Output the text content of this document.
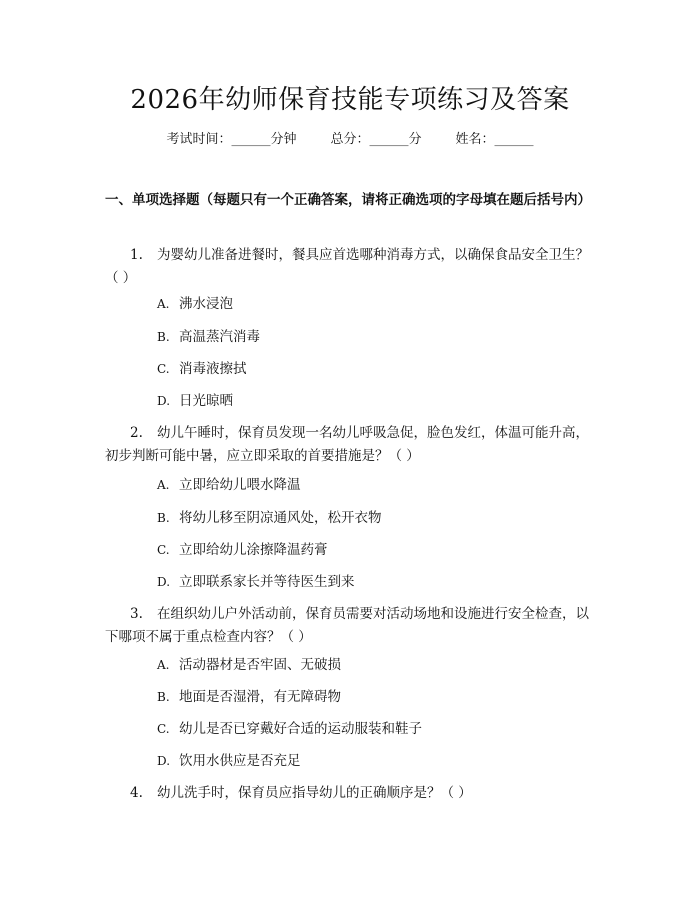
2026年幼师保育技能专项练习及答案
考试时间：______分钟	总分：______分	姓名：______

一、单项选择题（每题只有一个正确答案，请将正确选项的字母填在题后括号内）

1. 为婴幼儿准备进餐时，餐具应首选哪种消毒方式，以确保食品安全卫生？（ ）

A. 沸水浸泡
B. 高温蒸汽消毒
C. 消毒液擦拭
D. 日光晾晒

2. 幼儿午睡时，保育员发现一名幼儿呼吸急促，脸色发红，体温可能升高，初步判断可能中暑，应立即采取的首要措施是？（ ）

A. 立即给幼儿喂水降温
B. 将幼儿移至阴凉通风处，松开衣物
C. 立即给幼儿涂擦降温药膏
D. 立即联系家长并等待医生到来

3. 在组织幼儿户外活动前，保育员需要对活动场地和设施进行安全检查，以下哪项不属于重点检查内容？（ ）

A. 活动器材是否牢固、无破损
B. 地面是否湿滑，有无障碍物
C. 幼儿是否已穿戴好合适的运动服装和鞋子
D. 饮用水供应是否充足

4. 幼儿洗手时，保育员应指导幼儿的正确顺序是？（ ）
